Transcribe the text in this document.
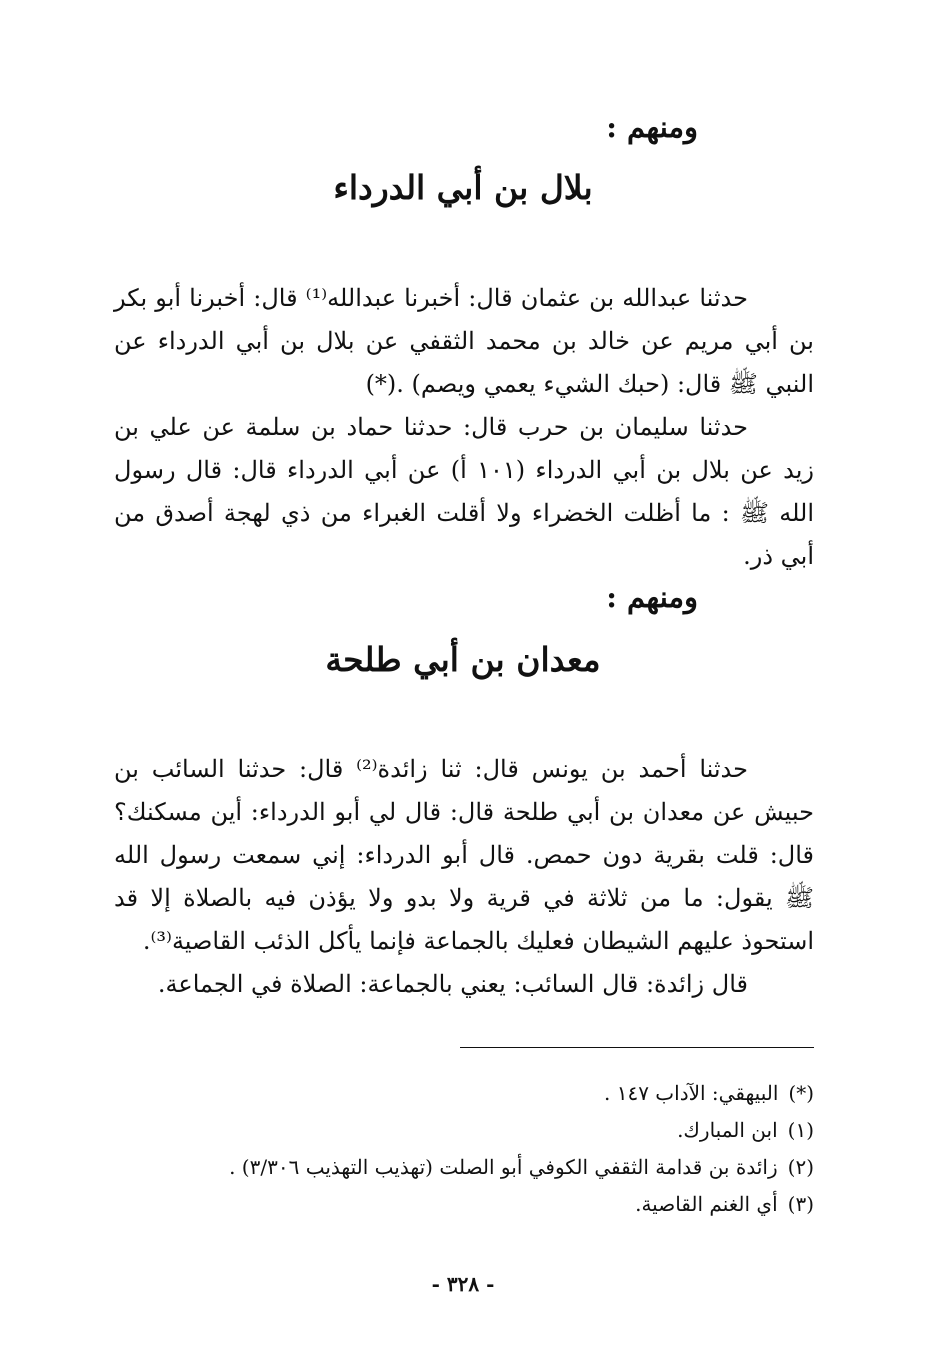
ومنهم :
بلال بن أبي الدرداء

حدثنا عبدالله بن عثمان قال: أخبرنا عبدالله⁽¹⁾ قال: أخبرنا أبو بكر بن أبي مريم عن خالد بن محمد الثقفي عن بلال بن أبي الدرداء عن النبي ﷺ قال: (حبك الشيء يعمي ويصم) .(*)

حدثنا سليمان بن حرب قال: حدثنا حماد بن سلمة عن علي بن زيد عن بلال بن أبي الدرداء (١٠١ أ) عن أبي الدرداء قال: قال رسول الله ﷺ : ما أظلت الخضراء ولا أقلت الغبراء من ذي لهجة أصدق من أبي ذر.

ومنهم :
معدان بن أبي طلحة

حدثنا أحمد بن يونس قال: ثنا زائدة⁽²⁾ قال: حدثنا السائب بن حبيش عن معدان بن أبي طلحة قال: قال لي أبو الدرداء: أين مسكنك؟ قال: قلت بقرية دون حمص. قال أبو الدرداء: إني سمعت رسول الله ﷺ يقول: ما من ثلاثة في قرية ولا بدو ولا يؤذن فيه بالصلاة إلا قد استحوذ عليهم الشيطان فعليك بالجماعة فإنما يأكل الذئب القاصية⁽³⁾.

قال زائدة: قال السائب: يعني بالجماعة: الصلاة في الجماعة.

(*)البيهقي: الآداب ١٤٧ .
(١)ابن المبارك.
(٢)زائدة بن قدامة الثقفي الكوفي أبو الصلت (تهذيب التهذيب ٣/٣٠٦) .
(٣)أي الغنم القاصية.
- ٣٢٨ -
